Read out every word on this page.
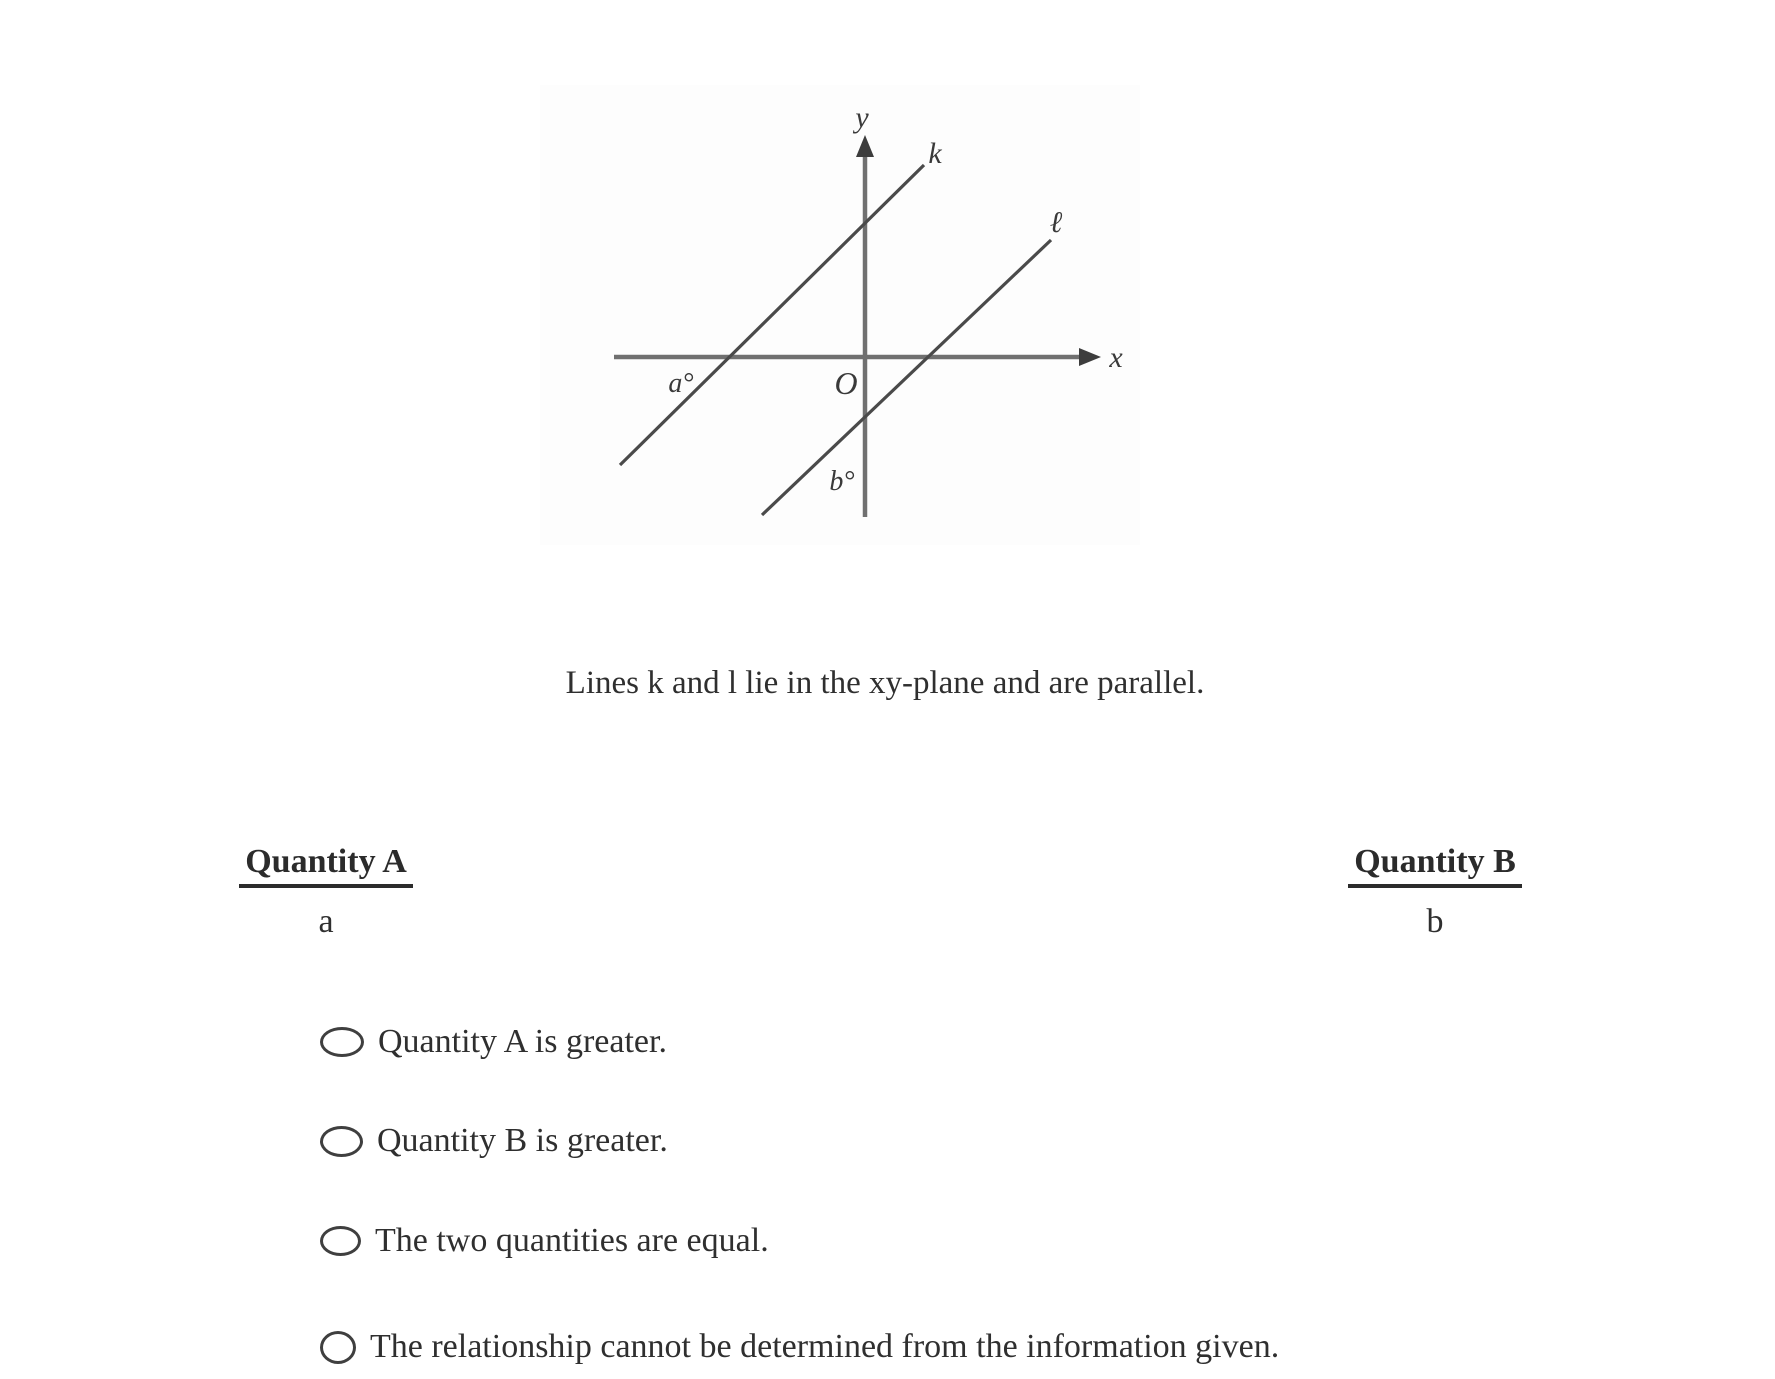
y
k
ℓ
x
O
a°
b°

Lines k and l lie in the xy-plane and are parallel.

Quantity A
a
Quantity B
b
Quantity A is greater.
Quantity B is greater.
The two quantities are equal.
The relationship cannot be determined from the information given.
